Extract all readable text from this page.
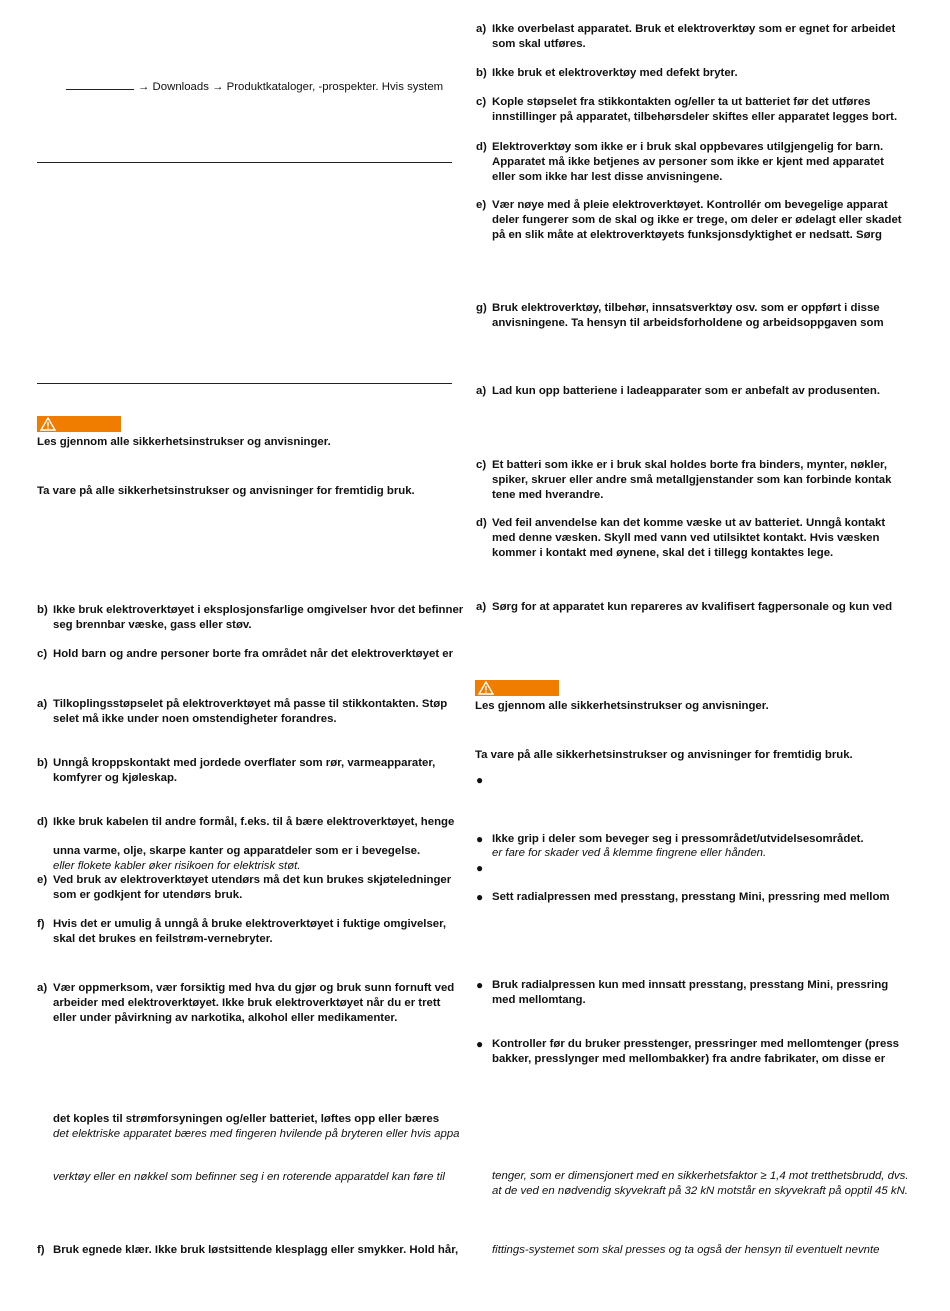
→ Downloads → Produktkataloger, -prospekter. Hvis system
Les gjennom alle sikkerhetsinstrukser og anvisninger.
Ta vare på alle sikkerhetsinstrukser og anvisninger for fremtidig bruk.
b) Ikke bruk elektroverktøyet i eksplosjonsfarlige omgivelser hvor det befinner
seg brennbar væske, gass eller støv.
c) Hold barn og andre personer borte fra området når det elektroverktøyet er
a) Tilkoplingsstøpselet på elektroverktøyet må passe til stikkontakten. Støp
selet må ikke under noen omstendigheter forandres.
b) Unngå kroppskontakt med jordede overflater som rør, varmeapparater,
komfyrer og kjøleskap.
d) Ikke bruk kabelen til andre formål, f.eks. til å bære elektroverktøyet, henge
unna varme, olje, skarpe kanter og apparatdeler som er i bevegelse.
eller flokete kabler øker risikoen for elektrisk støt.
e) Ved bruk av elektroverktøyet utendørs må det kun brukes skjøteledninger
som er godkjent for utendørs bruk.
f) Hvis det er umulig å unngå å bruke elektroverktøyet i fuktige omgivelser,
skal det brukes en feilstrøm-vernebryter.
a) Vær oppmerksom, vær forsiktig med hva du gjør og bruk sunn fornuft ved
arbeider med elektroverktøyet. Ikke bruk elektroverktøyet når du er trett
eller under påvirkning av narkotika, alkohol eller medikamenter.
det koples til strømforsyningen og/eller batteriet, løftes opp eller bæres
det elektriske apparatet bæres med fingeren hvilende på bryteren eller hvis appa
verktøy eller en nøkkel som befinner seg i en roterende apparatdel kan føre til
f) Bruk egnede klær. Ikke bruk løstsittende klesplagg eller smykker. Hold hår,
a) Ikke overbelast apparatet. Bruk et elektroverktøy som er egnet for arbeidet
som skal utføres.
b) Ikke bruk et elektroverktøy med defekt bryter.
c) Kople støpselet fra stikkontakten og/eller ta ut batteriet før det utføres
innstillinger på apparatet, tilbehørsdeler skiftes eller apparatet legges bort.
d) Elektroverktøy som ikke er i bruk skal oppbevares utilgjengelig for barn.
Apparatet må ikke betjenes av personer som ikke er kjent med apparatet
eller som ikke har lest disse anvisningene.
e) Vær nøye med å pleie elektroverktøyet. Kontrollér om bevegelige apparat
deler fungerer som de skal og ikke er trege, om deler er ødelagt eller skadet
på en slik måte at elektroverktøyets funksjonsdyktighet er nedsatt. Sørg
g) Bruk elektroverktøy, tilbehør, innsatsverktøy osv. som er oppført i disse
anvisningene. Ta hensyn til arbeidsforholdene og arbeidsoppgaven som
a) Lad kun opp batteriene i ladeapparater som er anbefalt av produsenten.
c) Et batteri som ikke er i bruk skal holdes borte fra binders, mynter, nøkler,
spiker, skruer eller andre små metallgjenstander som kan forbinde kontak
tene med hverandre.
d) Ved feil anvendelse kan det komme væske ut av batteriet. Unngå kontakt
med denne væsken. Skyll med vann ved utilsiktet kontakt. Hvis væsken
kommer i kontakt med øynene, skal det i tillegg kontaktes lege.
a) Sørg for at apparatet kun repareres av kvalifisert fagpersonale og kun ved
Les gjennom alle sikkerhetsinstrukser og anvisninger.
Ta vare på alle sikkerhetsinstrukser og anvisninger for fremtidig bruk.
●
● Ikke grip i deler som beveger seg i pressområdet/utvidelsesområdet.
er fare for skader ved å klemme fingrene eller hånden.
●
● Sett radialpressen med presstang, presstang Mini, pressring med mellom
● Bruk radialpressen kun med innsatt presstang, presstang Mini, pressring
med mellomtang.
● Kontroller før du bruker presstenger, pressringer med mellomtenger (press
bakker, presslynger med mellombakker) fra andre fabrikater, om disse er
tenger, som er dimensjonert med en sikkerhetsfaktor ≥ 1,4 mot tretthetsbrudd, dvs.
at de ved en nødvendig skyvekraft på 32 kN motstår en skyvekraft på opptil 45 kN.
fittings-systemet som skal presses og ta også der hensyn til eventuelt nevnte
